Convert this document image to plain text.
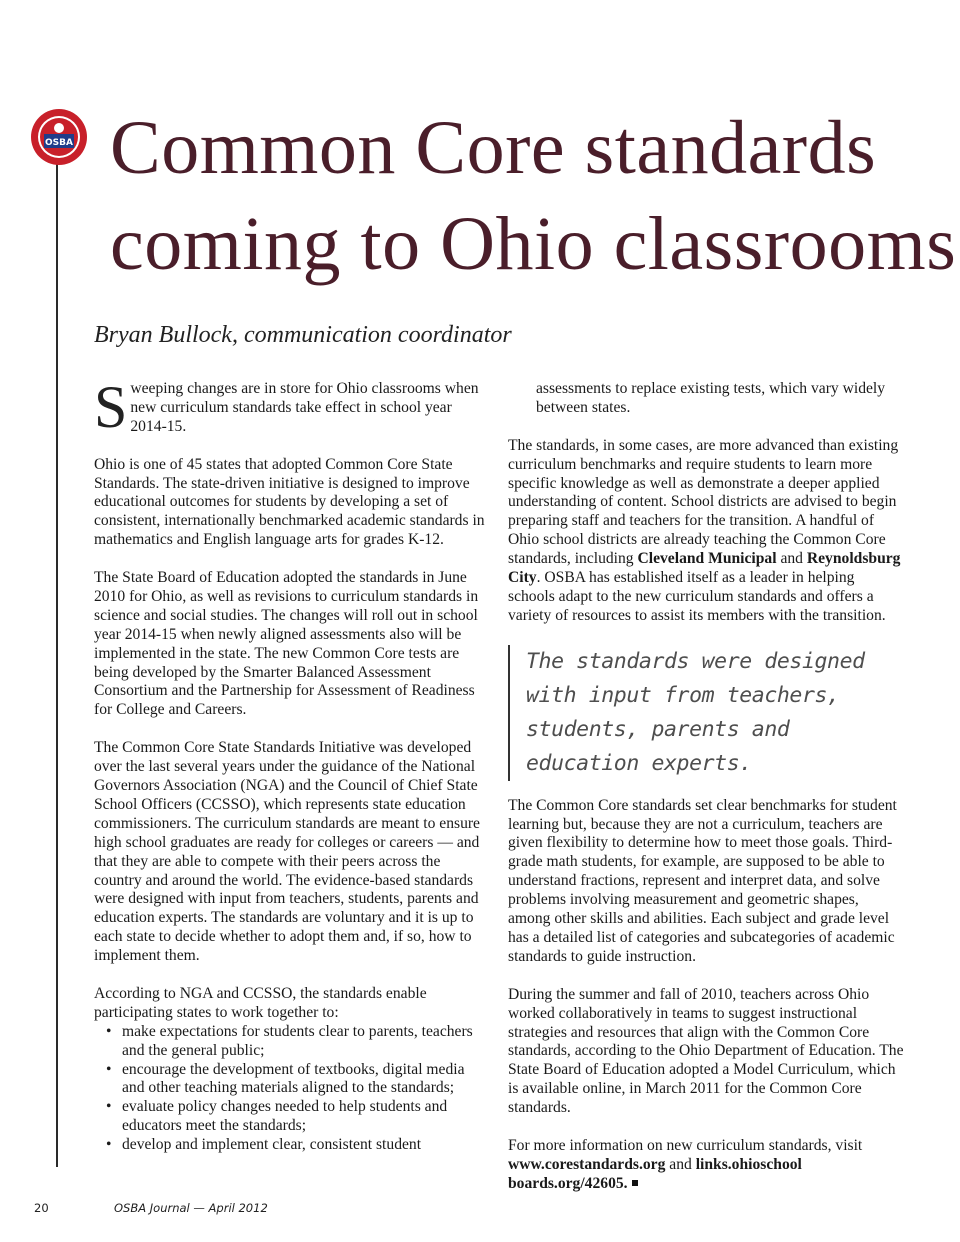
OSBA Common Core standards
coming to Ohio classrooms

Bryan Bullock, communication coordinator

Sweeping changes are in store for Ohio classrooms when new curriculum standards take effect in school year 2014-15.

Ohio is one of 45 states that adopted Common Core State Standards. The state-driven initiative is designed to improve educational outcomes for students by developing a set of consistent, internationally benchmarked academic standards in mathematics and English language arts for grades K-12.

The State Board of Education adopted the standards in June 2010 for Ohio, as well as revisions to curriculum standards in science and social studies. The changes will roll out in school year 2014-15 when newly aligned assessments also will be implemented in the state. The new Common Core tests are being developed by the Smarter Balanced Assessment Consortium and the Partnership for Assessment of Readiness for College and Careers.

The Common Core State Standards Initiative was developed over the last several years under the guidance of the National Governors Association (NGA) and the Council of Chief State School Officers (CCSSO), which represents state education commissioners. The curriculum standards are meant to ensure high school graduates are ready for colleges or careers — and that they are able to compete with their peers across the country and around the world. The evidence-based standards were designed with input from teachers, students, parents and education experts. The standards are voluntary and it is up to each state to decide whether to adopt them and, if so, how to implement them.

According to NGA and CCSSO, the standards enable participating states to work together to:

• make expectations for students clear to parents, teachers and the general public;
• encourage the development of textbooks, digital media and other teaching materials aligned to the standards;
• evaluate policy changes needed to help students and educators meet the standards;
• develop and implement clear, consistent student

assessments to replace existing tests, which vary widely between states.

The standards, in some cases, are more advanced than existing curriculum benchmarks and require students to learn more specific knowledge as well as demonstrate a deeper applied understanding of content. School districts are advised to begin preparing staff and teachers for the transition. A handful of Ohio school districts are already teaching the Common Core standards, including Cleveland Municipal and Reynoldsburg City. OSBA has established itself as a leader in helping schools adapt to the new curriculum standards and offers a variety of resources to assist its members with the transition.

The standards were designed with input from teachers, students, parents and education experts.

The Common Core standards set clear benchmarks for student learning but, because they are not a curriculum, teachers are given flexibility to determine how to meet those goals. Third-grade math students, for example, are supposed to be able to understand fractions, represent and interpret data, and solve problems involving measurement and geometric shapes, among other skills and abilities. Each subject and grade level has a detailed list of categories and subcategories of academic standards to guide instruction.

During the summer and fall of 2010, teachers across Ohio worked collaboratively in teams to suggest instructional strategies and resources that align with the Common Core standards, according to the Ohio Department of Education. The State Board of Education adopted a Model Curriculum, which is available online, in March 2011 for the Common Core standards.

For more information on new curriculum standards, visit www.corestandards.org and links.ohioschool boards.org/42605.

20	OSBA Journal — April 2012
